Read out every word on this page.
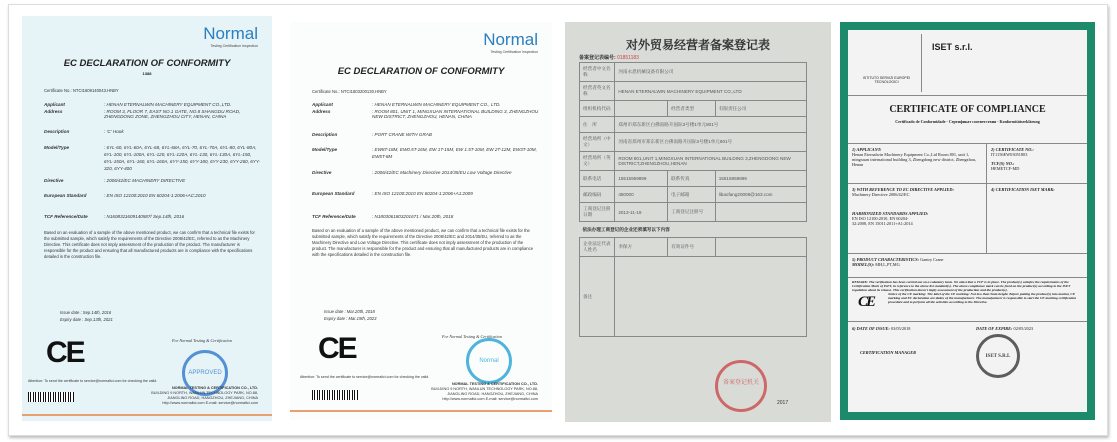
Normal
Testing Certification Inspection
EC DECLARATION OF CONFORMITY
1388
Certificate No.: NTCI1609140043.HNBY
Applicant	: HENAN ETERNALWIN MACHINERY EQUIPMENT CO.,LTD.
Address	: ROOM 3, FLOOR 7, EAST NO.1 GATE, NO.8 SHANGDU ROAD, ZHENGDONG ZONE, ZHENGZHOU CITY, HENAN, CHINA
Description	: 'C' Hook
Model/Type	: 6YL-60, 6YL-60A, 6YL-68, 6YL-68A, 6YL-70, 6YL-70A, 6YL-80, 6YL-80A, 6YL-100, 6YL-100A, 6YL-120, 6YL-120A, 6YL-130, 6YL-130A, 6YL-150, 6YL-150A, 6YL-160, 6YL-160A, 6YY-150, 6YY-180, 6YY-230, 6YY-260, 6YY-320, 6YY-400
Directive	: 2006/42/EC MACHINERY DIRECTIVE
European Standard	: EN ISO 12100:2010 EN 60204-1:2006+AC:2010
TCF Reference/Date	: N1608311609140587/ Sep.14th, 2016
Based on an evaluation of a sample of the above mentioned product, we can confirm that a technical file exists for the submitted sample, which satisfy the requirements of the Directive 2006/42/EC, referred to as the Machinery Directive. This certificate does not imply assessment of the production of the product. The manufacturer is responsible for the product and ensuring that all manufactured products are in compliance with the specifications detailed in the construction file.
Issue date : Sep.14th, 2016
Expiry date : Sep.13th, 2021
CE	For Normal Testing & Certification
APPROVED
Attention: To send the certificate to service@normaltci.com for checking the valid.
NORMAL TESTING & CERTIFICATION CO., LTD.
BUILDING 9 NORTH, WANLUN TECHNOLOGY PARK, NO.88, JIANGLING ROAD, HANGZHOU, ZHEJIANG, CHINA
http://www.normaltci.com E-mail: service@normaltci.com
Normal
Testing Certification Inspection
EC DECLARATION OF CONFORMITY
Certificate No.: NTCI1803200130.HNBY
Applicant	: HENAN ETERNALWIN MACHINERY EQUIPMENT CO., LTD.
Address	: ROOM 801, UNIT 1, MINGXUAN INTERNATIONAL BUILDING 3, ZHENGZHOU NEW DISTRICT, ZHENGZHOU, HENAN, CHINA
Description	: PORT CRANE WITH GRAB
Model/Type	: EW8T-18M, EW0.5T-16M, EW 1T-15M, EW 1.5T-10M, EW 2T-12M, EW3T-10M, EW5T-8M
Directive	: 2006/42/EC Machinery Directive 2014/35/EU Low Voltage Directive
European Standard	: EN ISO 12100:2010 EN 60204-1:2006+A1:2009
TCF Reference/Date	: N18030618032016​71 / Mar.20th, 2018
Based on an evaluation of a sample of the above mentioned product, we can confirm that a technical file exists for the submitted sample, which satisfy the requirements of the Directive 2006/42/EC and 2014/35/EU, referred to as the Machinery Directive and Low Voltage Directive. This certificate does not imply assessment of the production of the product. The manufacturer is responsible for the product and ensuring that all manufactured products are in compliance with the specifications detailed in the construction file.
Issue date : Mar.20th, 2018
Expiry date : Mar.19th, 2023
CE	For Normal Testing & Certification
Normal
Attention: To send the certificate to service@normaltci.com for checking the valid.
NORMAL TESTING & CERTIFICATION CO., LTD.
BUILDING 9 NORTH, WANLUN TECHNOLOGY PARK, NO.88, JIANGLING ROAD, HANGZHOU, ZHEJIANG, CHINA
http://www.normaltci.com E-mail: service@normaltci.com
对外贸易经营者备案登记表
备案登记表编号: 01851183
经营者中文名称	河南永恩机械设备有限公司		
经营者英文名称	HENAN ETERNALWIN MACHINERY EQUIPMENT CO.,LTD		
组织机构代码		经营者类型	有限责任公司
住　所	郑州市郑东新区白佛南路升国际3号楼1单元801号		
经营场所（中文）	河南省郑州市郑东新区白佛南路升国际3号楼1单元801号		
经营场所（英文）	ROOM 801,UNIT 1,MINGXUAN INTERNATIONAL BUILDING 3,ZHENGDONG NEW DISTRICT,ZHENGZHOU,HENAN		
联系电话	15515959899	联系传真	15515959899
邮政编码	450000	电子邮箱	libaofang20008@163.com
工商登记注册日期	2013-11-19	工商登记注册号	
依法办理工商登记的企业还须填写以下内容			
企业法定代表人姓名	李保方	有效证件号	
备注			
备案登记机关
2017
ISTITUTO SERVIZI EUROPEI TECNOLOGICI
ISET s.r.l.
CERTIFICATE OF COMPLIANCE
Certificado de Conformidade - Сертификат соответствия - Konformitätserklärung
1) APPLICANT:
Henan Eternalwin Machinery Equipment Co.,Ltd Room 801, unit 1, mingxuan international building 3, Zhengdong new district, Zhengzhou, Henan
2) CERTIFICATE NO.:
IT1156EW03051803
TCF(S) NO.:
HEMETCF-MD
3) WITH REFERENCE TO EC DIRECTIVE APPLIED:
Machinery Directive 2006/42/EC
HARMONIZED STANDARDS APPLIED:
EN ISO 12100:2010, EN 60204-32:2008, EN 15011:2011+A1:2014
4) CERTIFICATION ISET MARK:
5) PRODUCT CHARACTERISTICS: Gantry Crane
MODEL(S): MH,L,PT,MG
REMARK: The verification has been carried out on a voluntary basis. We attest that a TCF is in place. The product(s) satisfies the requirements of the Certification Mark of ISET, in reference to the above list standard(s). The above compliance mark can be fixed on the product(s) according to the ISET regulation about its release. This verification doesn't imply assessment of the production and the product(s).
Notice of the CE marking: The label of the CE marking: Not less than 5mm height. Before putting the product(s) into market, CE marking and EC declaration are duties of the manufacturer. The manufacturer is responsible to start the CE marking certification procedure and to perform all the activities according to the Directive.
CE
6) DATE OF ISSUE: 03/05/2018	DATE OF EXPIRE: 02/05/2023
CERTIFICATION MANAGER
ISET S.R.L
